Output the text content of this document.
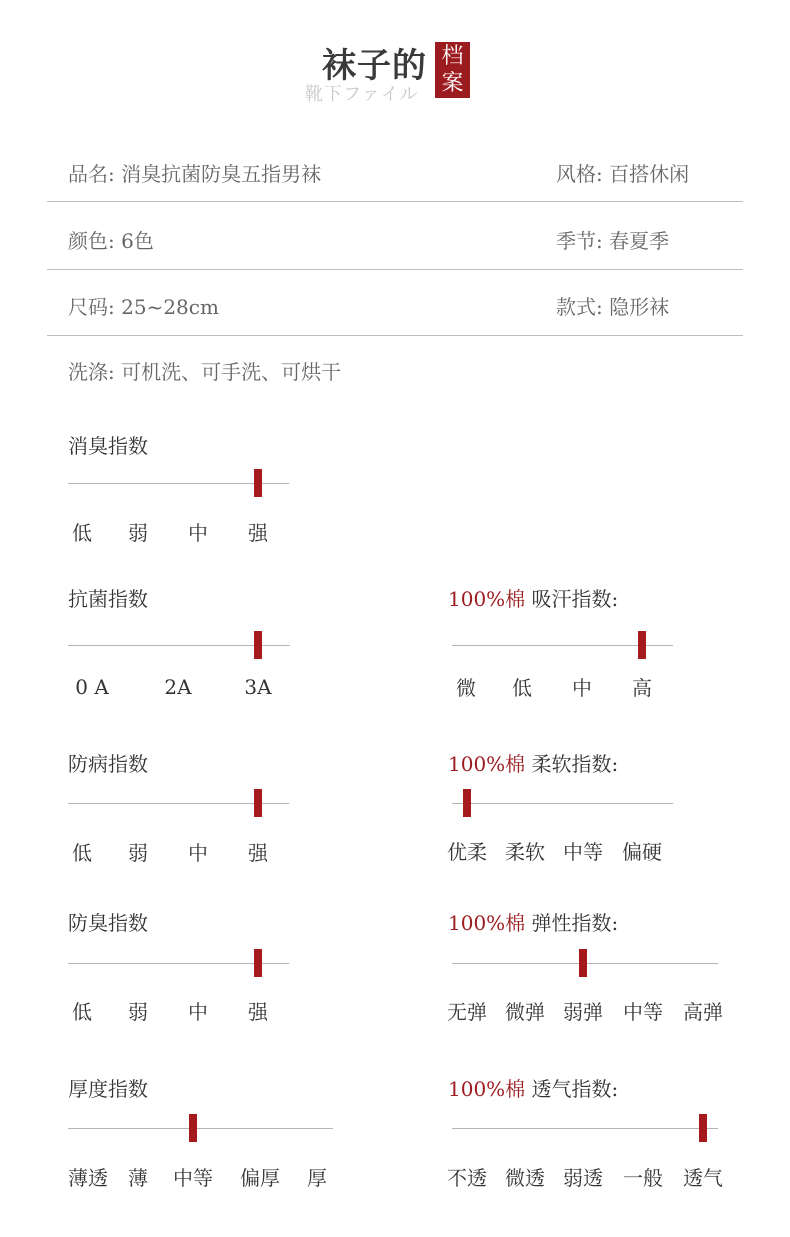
袜子的
靴下ファイル
档
案
品名: 消臭抗菌防臭五指男袜	风格: 百搭休闲
颜色: 6色	季节: 春夏季
尺码: 25~28cm	款式: 隐形袜
洗涤: 可机洗、可手洗、可烘干
消臭指数
低 弱 中 强
抗菌指数
0 A	2A	3A
100%棉 吸汗指数:
微 低 中 高
防病指数
低 弱 中 强
100%棉 柔软指数:
优柔 柔软 中等 偏硬
防臭指数
低 弱 中 强
100%棉 弹性指数:
无弹 微弹 弱弹 中等 高弹
厚度指数
薄透 薄 中等 偏厚 厚
100%棉 透气指数:
不透 微透 弱透 一般 透气
